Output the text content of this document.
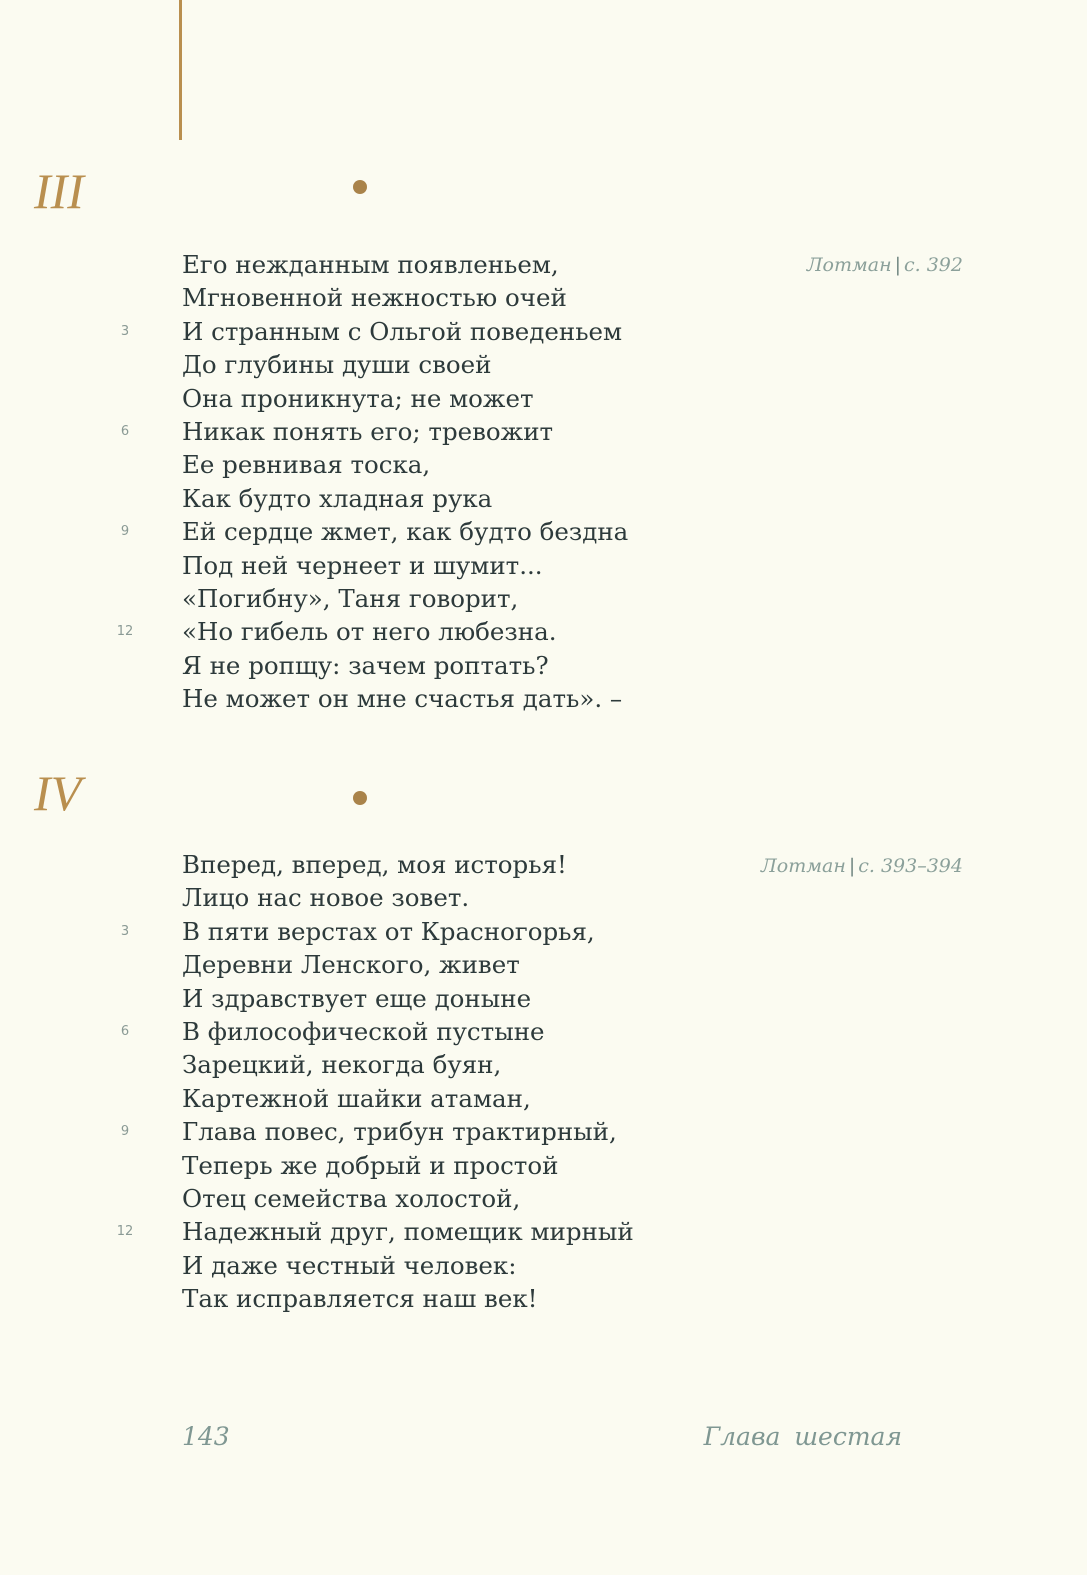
III
Лотман | с. 392
Его нежданным появленьем,
Мгновенной нежностью очей
3	И странным с Ольгой поведеньем
До глубины души своей
Она проникнута; не может
6	Никак понять его; тревожит
Ее ревнивая тоска,
Как будто хладная рука
9	Ей сердце жмет, как будто бездна
Под ней чернеет и шумит...
«Погибну», Таня говорит,
12 «Но гибель от него любезна.
Я не ропщу: зачем роптать?
Не может он мне счастья дать». –
IV
Лотман | с. 393–394
Вперед, вперед, моя исторья!
Лицо нас новое зовет.
3	В пяти верстах от Красногорья,
Деревни Ленского, живет
И здравствует еще доныне
6	В философической пустыне
Зарецкий, некогда буян,
Картежной шайки атаман,
9	Глава повес, трибун трактирный,
Теперь же добрый и простой
Отец семейства холостой,
12 Надежный друг, помещик мирный
И даже честный человек:
Так исправляется наш век!
143	Глава шестая
